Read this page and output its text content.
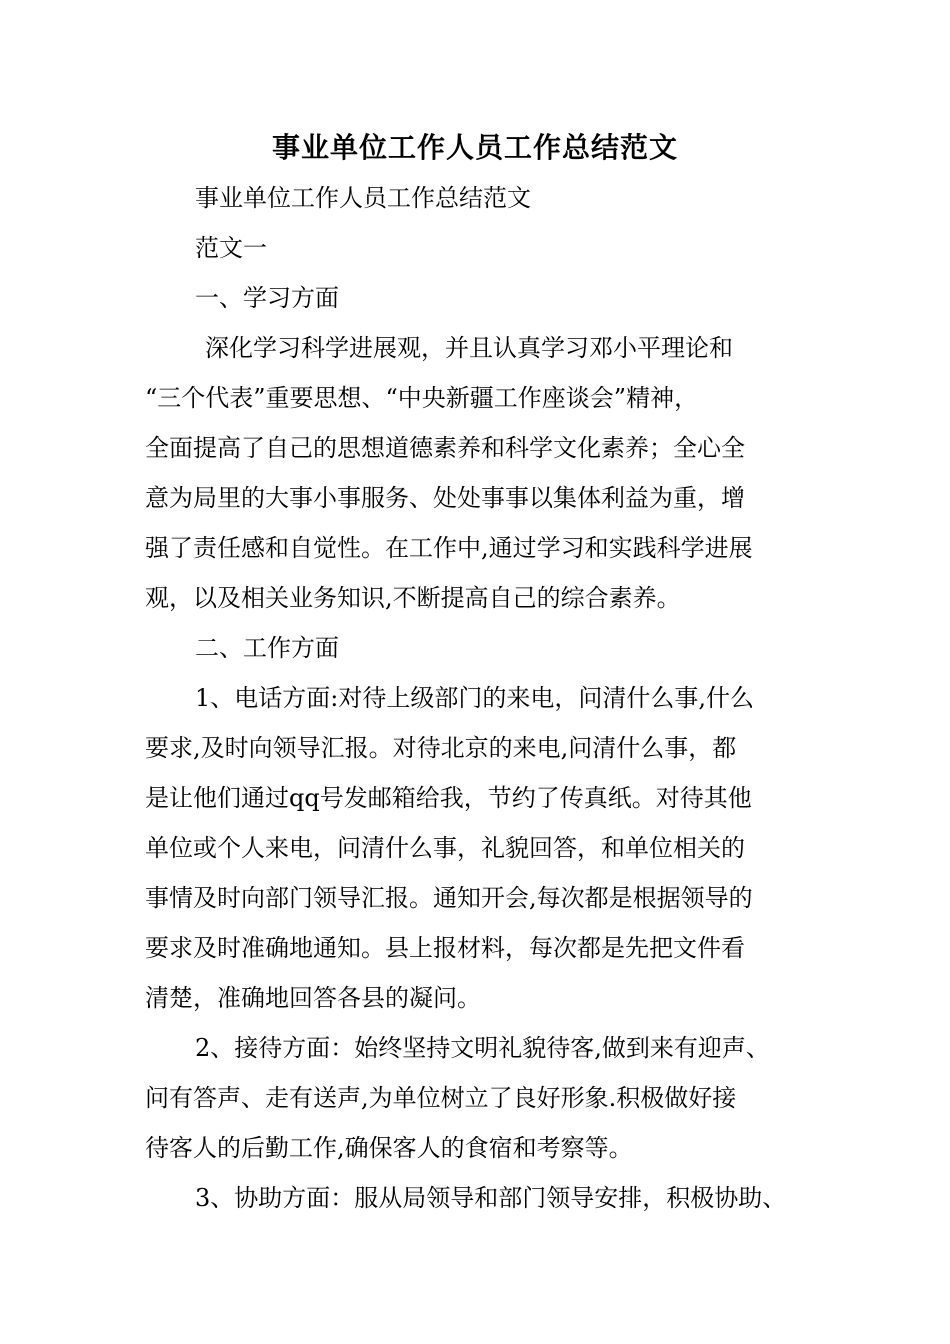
事业单位工作人员工作总结范文
事业单位工作人员工作总结范文
范文一
一、学习方面
深化学习科学进展观，并且认真学习邓小平理论和
“三个代表”重要思想、“中央新疆工作座谈会”精神，
全面提高了自己的思想道德素养和科学文化素养；全心全
意为局里的大事小事服务、处处事事以集体利益为重，增
强了责任感和自觉性。在工作中,通过学习和实践科学进展
观，以及相关业务知识,不断提高自己的综合素养。
二、工作方面
1、电话方面:对待上级部门的来电，问清什么事,什么
要求,及时向领导汇报。对待北京的来电,问清什么事，都
是让他们通过qq号发邮箱给我，节约了传真纸。对待其他
单位或个人来电，问清什么事，礼貌回答，和单位相关的
事情及时向部门领导汇报。通知开会,每次都是根据领导的
要求及时准确地通知。县上报材料，每次都是先把文件看
清楚，准确地回答各县的凝问。
2、接待方面：始终坚持文明礼貌待客,做到来有迎声、
问有答声、走有送声,为单位树立了良好形象.积极做好接
待客人的后勤工作,确保客人的食宿和考察等。
3、协助方面：服从局领导和部门领导安排，积极协助、
